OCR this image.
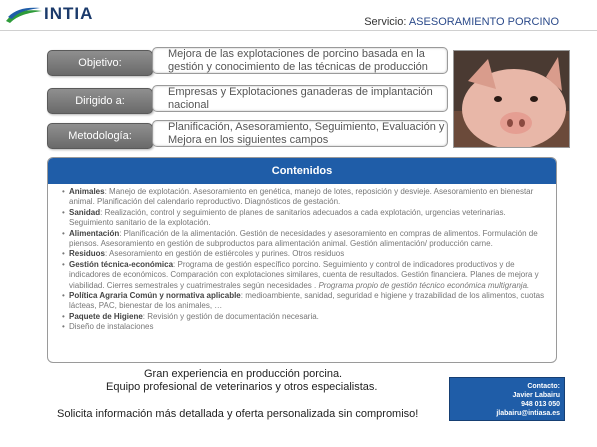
INTIA	Servicio: ASESORAMIENTO PORCINO
Objetivo:
Mejora de las explotaciones de porcino basada en la gestión y conocimiento de las técnicas de producción
Dirigido a:
Empresas y Explotaciones ganaderas de implantación nacional
Metodología:
Planificación, Asesoramiento, Seguimiento, Evaluación y Mejora en los siguientes campos
Contenidos
• Animales: Manejo de explotación. Asesoramiento en genética, manejo de lotes, reposición y desvieje. Asesoramiento en bienestar animal. Planificación del calendario reproductivo. Diagnósticos de gestación.
• Sanidad: Realización, control y seguimiento de planes de sanitarios adecuados a cada explotación, urgencias veterinarias. Seguimiento sanitario de la explotación.
• Alimentación: Planificación de la alimentación. Gestión de necesidades y asesoramiento en compras de alimentos. Formulación de piensos. Asesoramiento en gestión de subproductos para alimentación animal. Gestión alimentación/ producción carne.
• Residuos: Asesoramiento en gestión de estiércoles y purines. Otros residuos
• Gestión técnica-económica: Programa de gestión específico porcino. Seguimiento y control de indicadores productivos y de indicadores de económicos. Comparación con explotaciones similares, cuenta de resultados. Gestión financiera. Planes de mejora y viabilidad. Cierres semestrales y cuatrimestrales según necesidades . Programa propio de gestión técnico económica multigranja.
• Política Agraria Común y normativa aplicable: medioambiente, sanidad, seguridad e higiene y trazabilidad de los alimentos, cuotas lácteas, PAC, bienestar de los animales, …
• Paquete de Higiene: Revisión y gestión de documentación necesaria.
• Diseño de instalaciones
Gran experiencia en producción porcina.
Equipo profesional de veterinarios y otros especialistas.
Solicita información más detallada y oferta personalizada sin compromiso!
Contacto:
Javier Labairu
948 013 050
jlabairu@intiasa.es
